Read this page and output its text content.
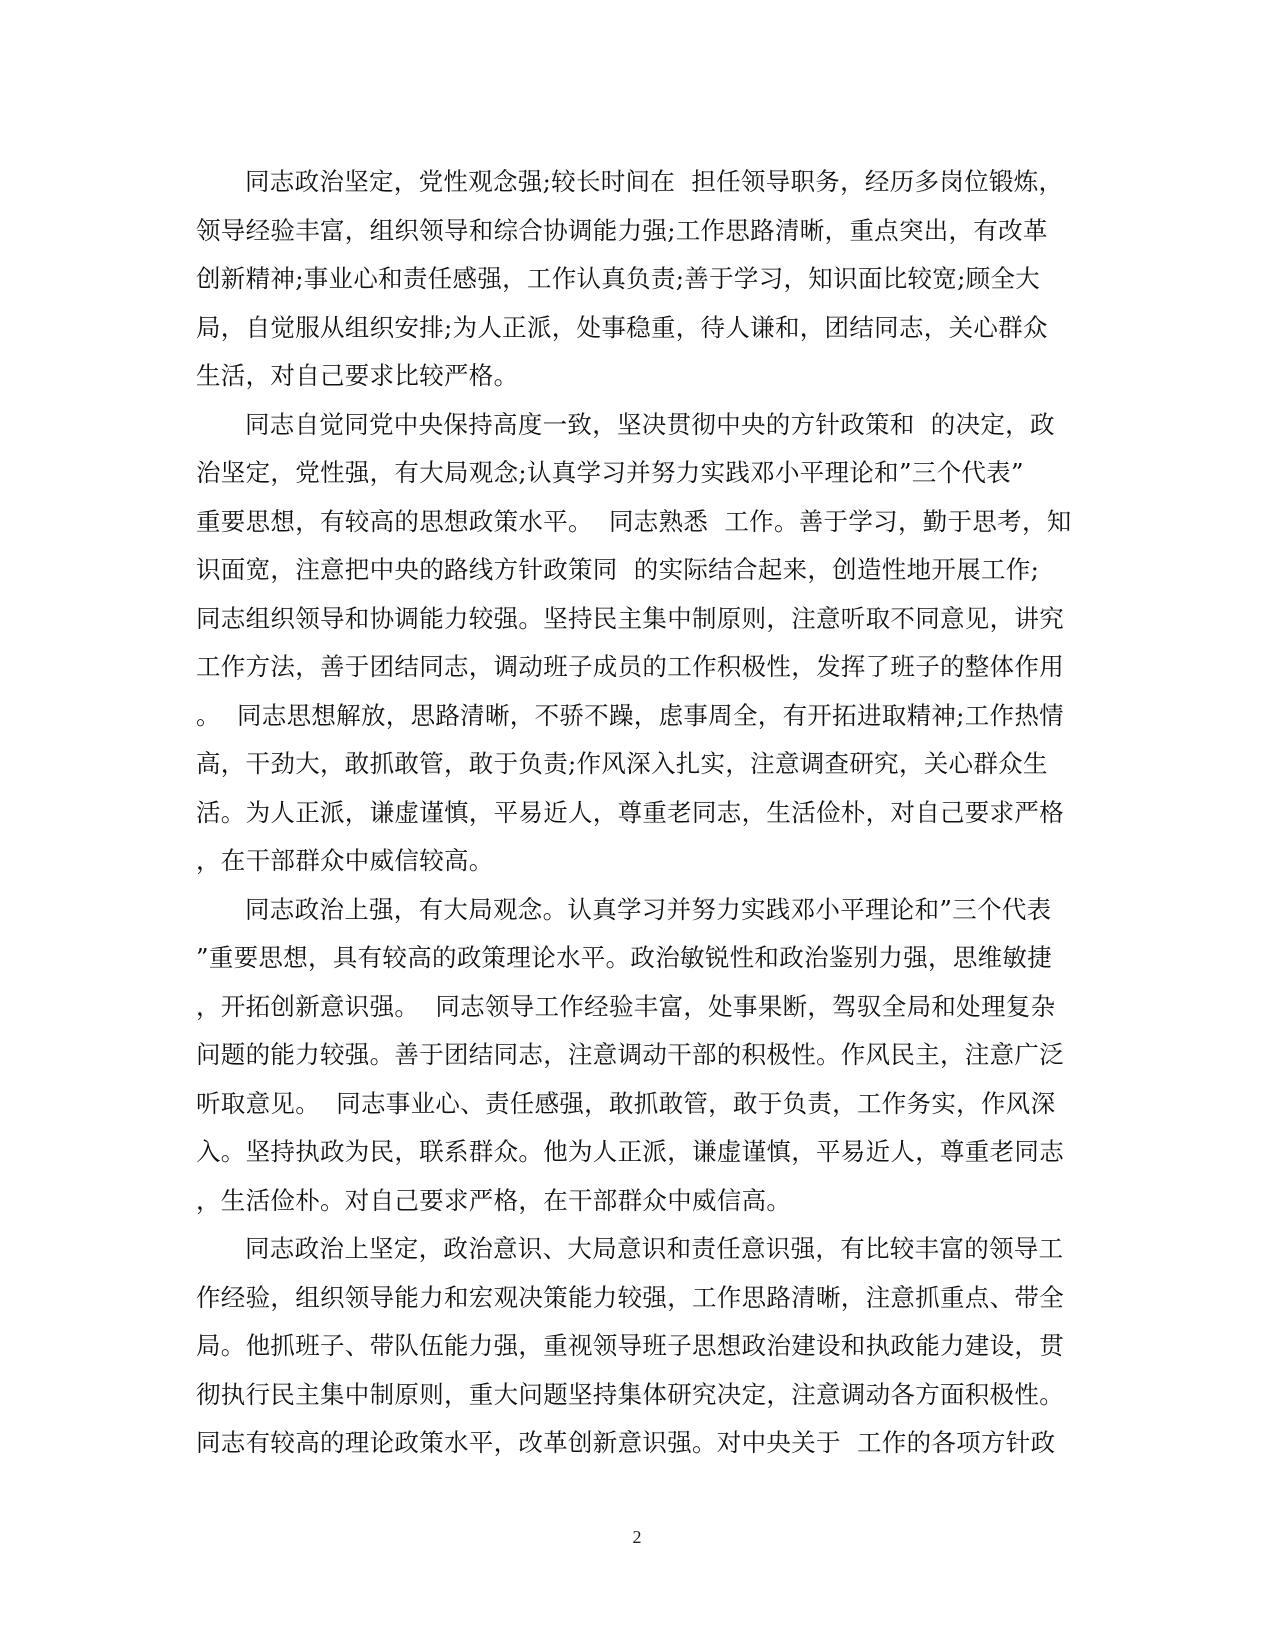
同志政治坚定，党性观念强;较长时间在  担任领导职务，经历多岗位锻炼，
领导经验丰富，组织领导和综合协调能力强;工作思路清晰，重点突出，有改革
创新精神;事业心和责任感强，工作认真负责;善于学习，知识面比较宽;顾全大
局，自觉服从组织安排;为人正派，处事稳重，待人谦和，团结同志，关心群众
生活，对自己要求比较严格。
同志自觉同党中央保持高度一致，坚决贯彻中央的方针政策和  的决定，政
治坚定，党性强，有大局观念;认真学习并努力实践邓小平理论和”三个代表”
重要思想，有较高的思想政策水平。  同志熟悉  工作。善于学习，勤于思考，知
识面宽，注意把中央的路线方针政策同  的实际结合起来，创造性地开展工作;
同志组织领导和协调能力较强。坚持民主集中制原则，注意听取不同意见，讲究
工作方法，善于团结同志，调动班子成员的工作积极性，发挥了班子的整体作用
。  同志思想解放，思路清晰，不骄不躁，虑事周全，有开拓进取精神;工作热情
高，干劲大，敢抓敢管，敢于负责;作风深入扎实，注意调查研究，关心群众生
活。为人正派，谦虚谨慎，平易近人，尊重老同志，生活俭朴，对自己要求严格
，在干部群众中威信较高。
同志政治上强，有大局观念。认真学习并努力实践邓小平理论和”三个代表
”重要思想，具有较高的政策理论水平。政治敏锐性和政治鉴别力强，思维敏捷
，开拓创新意识强。  同志领导工作经验丰富，处事果断，驾驭全局和处理复杂
问题的能力较强。善于团结同志，注意调动干部的积极性。作风民主，注意广泛
听取意见。  同志事业心、责任感强，敢抓敢管，敢于负责，工作务实，作风深
入。坚持执政为民，联系群众。他为人正派，谦虚谨慎，平易近人，尊重老同志
，生活俭朴。对自己要求严格，在干部群众中威信高。
同志政治上坚定，政治意识、大局意识和责任意识强，有比较丰富的领导工
作经验，组织领导能力和宏观决策能力较强，工作思路清晰，注意抓重点、带全
局。他抓班子、带队伍能力强，重视领导班子思想政治建设和执政能力建设，贯
彻执行民主集中制原则，重大问题坚持集体研究决定，注意调动各方面积极性。
同志有较高的理论政策水平，改革创新意识强。对中央关于  工作的各项方针政
2
